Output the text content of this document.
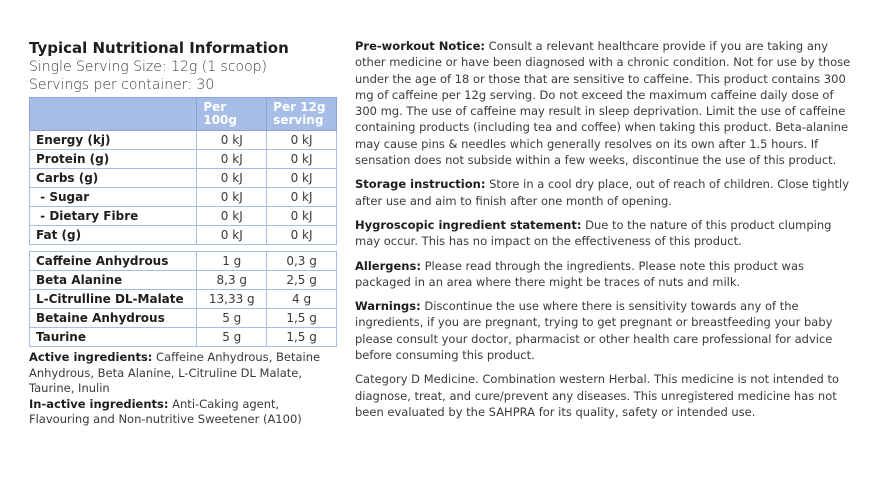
Typical Nutritional Information
Single Serving Size: 12g (1 scoop)
Servings per container: 30
	Per 100g	Per 12g serving
Energy (kj)	0 kJ	0 kJ
Protein (g)	0 kJ	0 kJ
Carbs (g)	0 kJ	0 kJ
- Sugar	0 kJ	0 kJ
- Dietary Fibre	0 kJ	0 kJ
Fat (g)	0 kJ	0 kJ
Caffeine Anhydrous	1 g	0,3 g
Beta Alanine	8,3 g	2,5 g
L-Citrulline DL-Malate	13,33 g	4 g
Betaine Anhydrous	5 g	1,5 g
Taurine	5 g	1,5 g
Active ingredients: Caffeine Anhydrous, Betaine Anhydrous, Beta Alanine, L-Citruline DL Malate, Taurine, Inulin
In-active ingredients: Anti-Caking agent, Flavouring and Non-nutritive Sweetener (A100)

Pre-workout Notice: Consult a relevant healthcare provide if you are taking any other medicine or have been diagnosed with a chronic condition. Not for use by those under the age of 18 or those that are sensitive to caffeine. This product contains 300 mg of caffeine per 12g serving. Do not exceed the maximum caffeine daily dose of 300 mg. The use of caffeine may result in sleep deprivation. Limit the use of caffeine containing products (including tea and coffee) when taking this product. Beta-alanine may cause pins & needles which generally resolves on its own after 1.5 hours. If sensation does not subside within a few weeks, discontinue the use of this product.

Storage instruction: Store in a cool dry place, out of reach of children. Close tightly after use and aim to finish after one month of opening.

Hygroscopic ingredient statement: Due to the nature of this product clumping may occur. This has no impact on the effectiveness of this product.

Allergens: Please read through the ingredients. Please note this product was packaged in an area where there might be traces of nuts and milk.

Warnings: Discontinue the use where there is sensitivity towards any of the ingredients, if you are pregnant, trying to get pregnant or breastfeeding your baby please consult your doctor, pharmacist or other health care professional for advice before consuming this product.

Category D Medicine. Combination western Herbal. This medicine is not intended to diagnose, treat, and cure/prevent any diseases. This unregistered medicine has not been evaluated by the SAHPRA for its quality, safety or intended use.
